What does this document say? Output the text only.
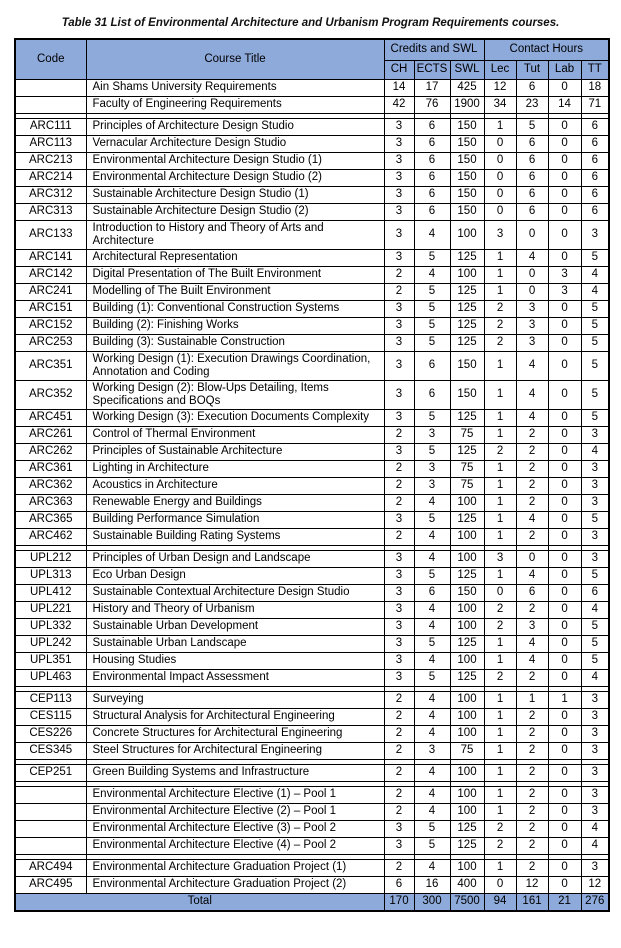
Table 31 List of Environmental Architecture and Urbanism Program Requirements courses.
Code	Course Title	Credits and SWL			Contact Hours			
		CH	ECTS	SWL	Lec	Tut	Lab	TT
	Ain Shams University Requirements	14	17	425	12	6	0	18
	Faculty of Engineering Requirements	42	76	1900	34	23	14	71

ARC111	Principles of Architecture Design Studio	3	6	150	1	5	0	6
ARC113	Vernacular Architecture Design Studio	3	6	150	0	6	0	6
ARC213	Environmental Architecture Design Studio (1)	3	6	150	0	6	0	6
ARC214	Environmental Architecture Design Studio (2)	3	6	150	0	6	0	6
ARC312	Sustainable Architecture Design Studio (1)	3	6	150	0	6	0	6
ARC313	Sustainable Architecture Design Studio (2)	3	6	150	0	6	0	6
ARC133	Introduction to History and Theory of Arts and Architecture	3	4	100	3	0	0	3
ARC141	Architectural Representation	3	5	125	1	4	0	5
ARC142	Digital Presentation of The Built Environment	2	4	100	1	0	3	4
ARC241	Modelling of The Built Environment	2	5	125	1	0	3	4
ARC151	Building (1): Conventional Construction Systems	3	5	125	2	3	0	5
ARC152	Building (2): Finishing Works	3	5	125	2	3	0	5
ARC253	Building (3): Sustainable Construction	3	5	125	2	3	0	5
ARC351	Working Design (1): Execution Drawings Coordination, Annotation and Coding	3	6	150	1	4	0	5
ARC352	Working Design (2): Blow-Ups Detailing, Items Specifications and BOQs	3	6	150	1	4	0	5
ARC451	Working Design (3): Execution Documents Complexity	3	5	125	1	4	0	5
ARC261	Control of Thermal Environment	2	3	75	1	2	0	3
ARC262	Principles of Sustainable Architecture	3	5	125	2	2	0	4
ARC361	Lighting in Architecture	2	3	75	1	2	0	3
ARC362	Acoustics in Architecture	2	3	75	1	2	0	3
ARC363	Renewable Energy and Buildings	2	4	100	1	2	0	3
ARC365	Building Performance Simulation	3	5	125	1	4	0	5
ARC462	Sustainable Building Rating Systems	2	4	100	1	2	0	3

UPL212	Principles of Urban Design and Landscape	3	4	100	3	0	0	3
UPL313	Eco Urban Design	3	5	125	1	4	0	5
UPL412	Sustainable Contextual Architecture Design Studio	3	6	150	0	6	0	6
UPL221	History and Theory of Urbanism	3	4	100	2	2	0	4
UPL332	Sustainable Urban Development	3	4	100	2	3	0	5
UPL242	Sustainable Urban Landscape	3	5	125	1	4	0	5
UPL351	Housing Studies	3	4	100	1	4	0	5
UPL463	Environmental Impact Assessment	3	5	125	2	2	0	4

CEP113	Surveying	2	4	100	1	1	1	3
CES115	Structural Analysis for Architectural Engineering	2	4	100	1	2	0	3
CES226	Concrete Structures for Architectural Engineering	2	4	100	1	2	0	3
CES345	Steel Structures for Architectural Engineering	2	3	75	1	2	0	3

CEP251	Green Building Systems and Infrastructure	2	4	100	1	2	0	3

	Environmental Architecture Elective (1) – Pool 1	2	4	100	1	2	0	3
	Environmental Architecture Elective (2) – Pool 1	2	4	100	1	2	0	3
	Environmental Architecture Elective (3) – Pool 2	3	5	125	2	2	0	4
	Environmental Architecture Elective (4) – Pool 2	3	5	125	2	2	0	4

ARC494	Environmental Architecture Graduation Project (1)	2	4	100	1	2	0	3
ARC495	Environmental Architecture Graduation Project (2)	6	16	400	0	12	0	12
Total		170	300	7500	94	161	21	276
